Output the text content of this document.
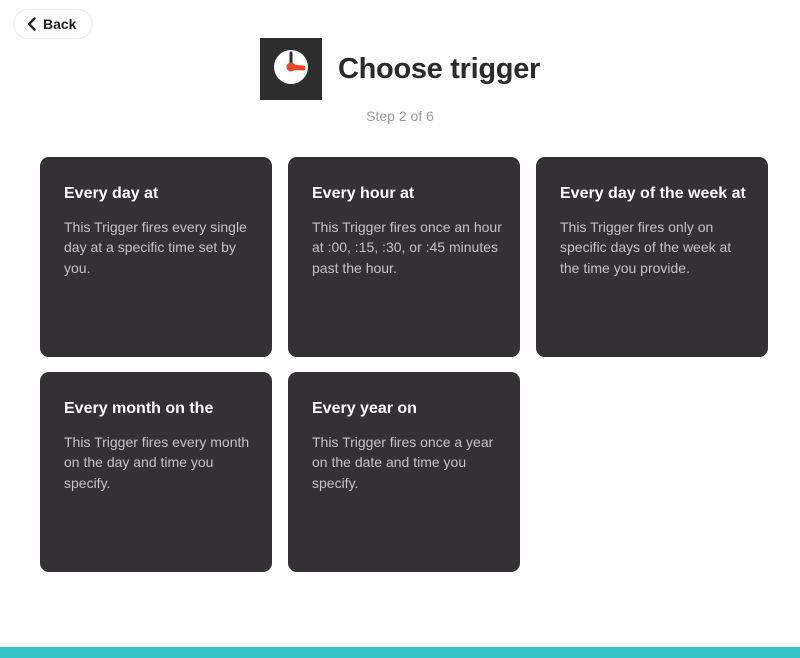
Back
Choose trigger
Step 2 of 6
Every day at
This Trigger fires every single day at a specific time set by you.
Every hour at
This Trigger fires once an hour at :00, :15, :30, or :45 minutes past the hour.
Every day of the week at
This Trigger fires only on specific days of the week at the time you provide.
Every month on the
This Trigger fires every month on the day and time you specify.
Every year on
This Trigger fires once a year on the date and time you specify.
